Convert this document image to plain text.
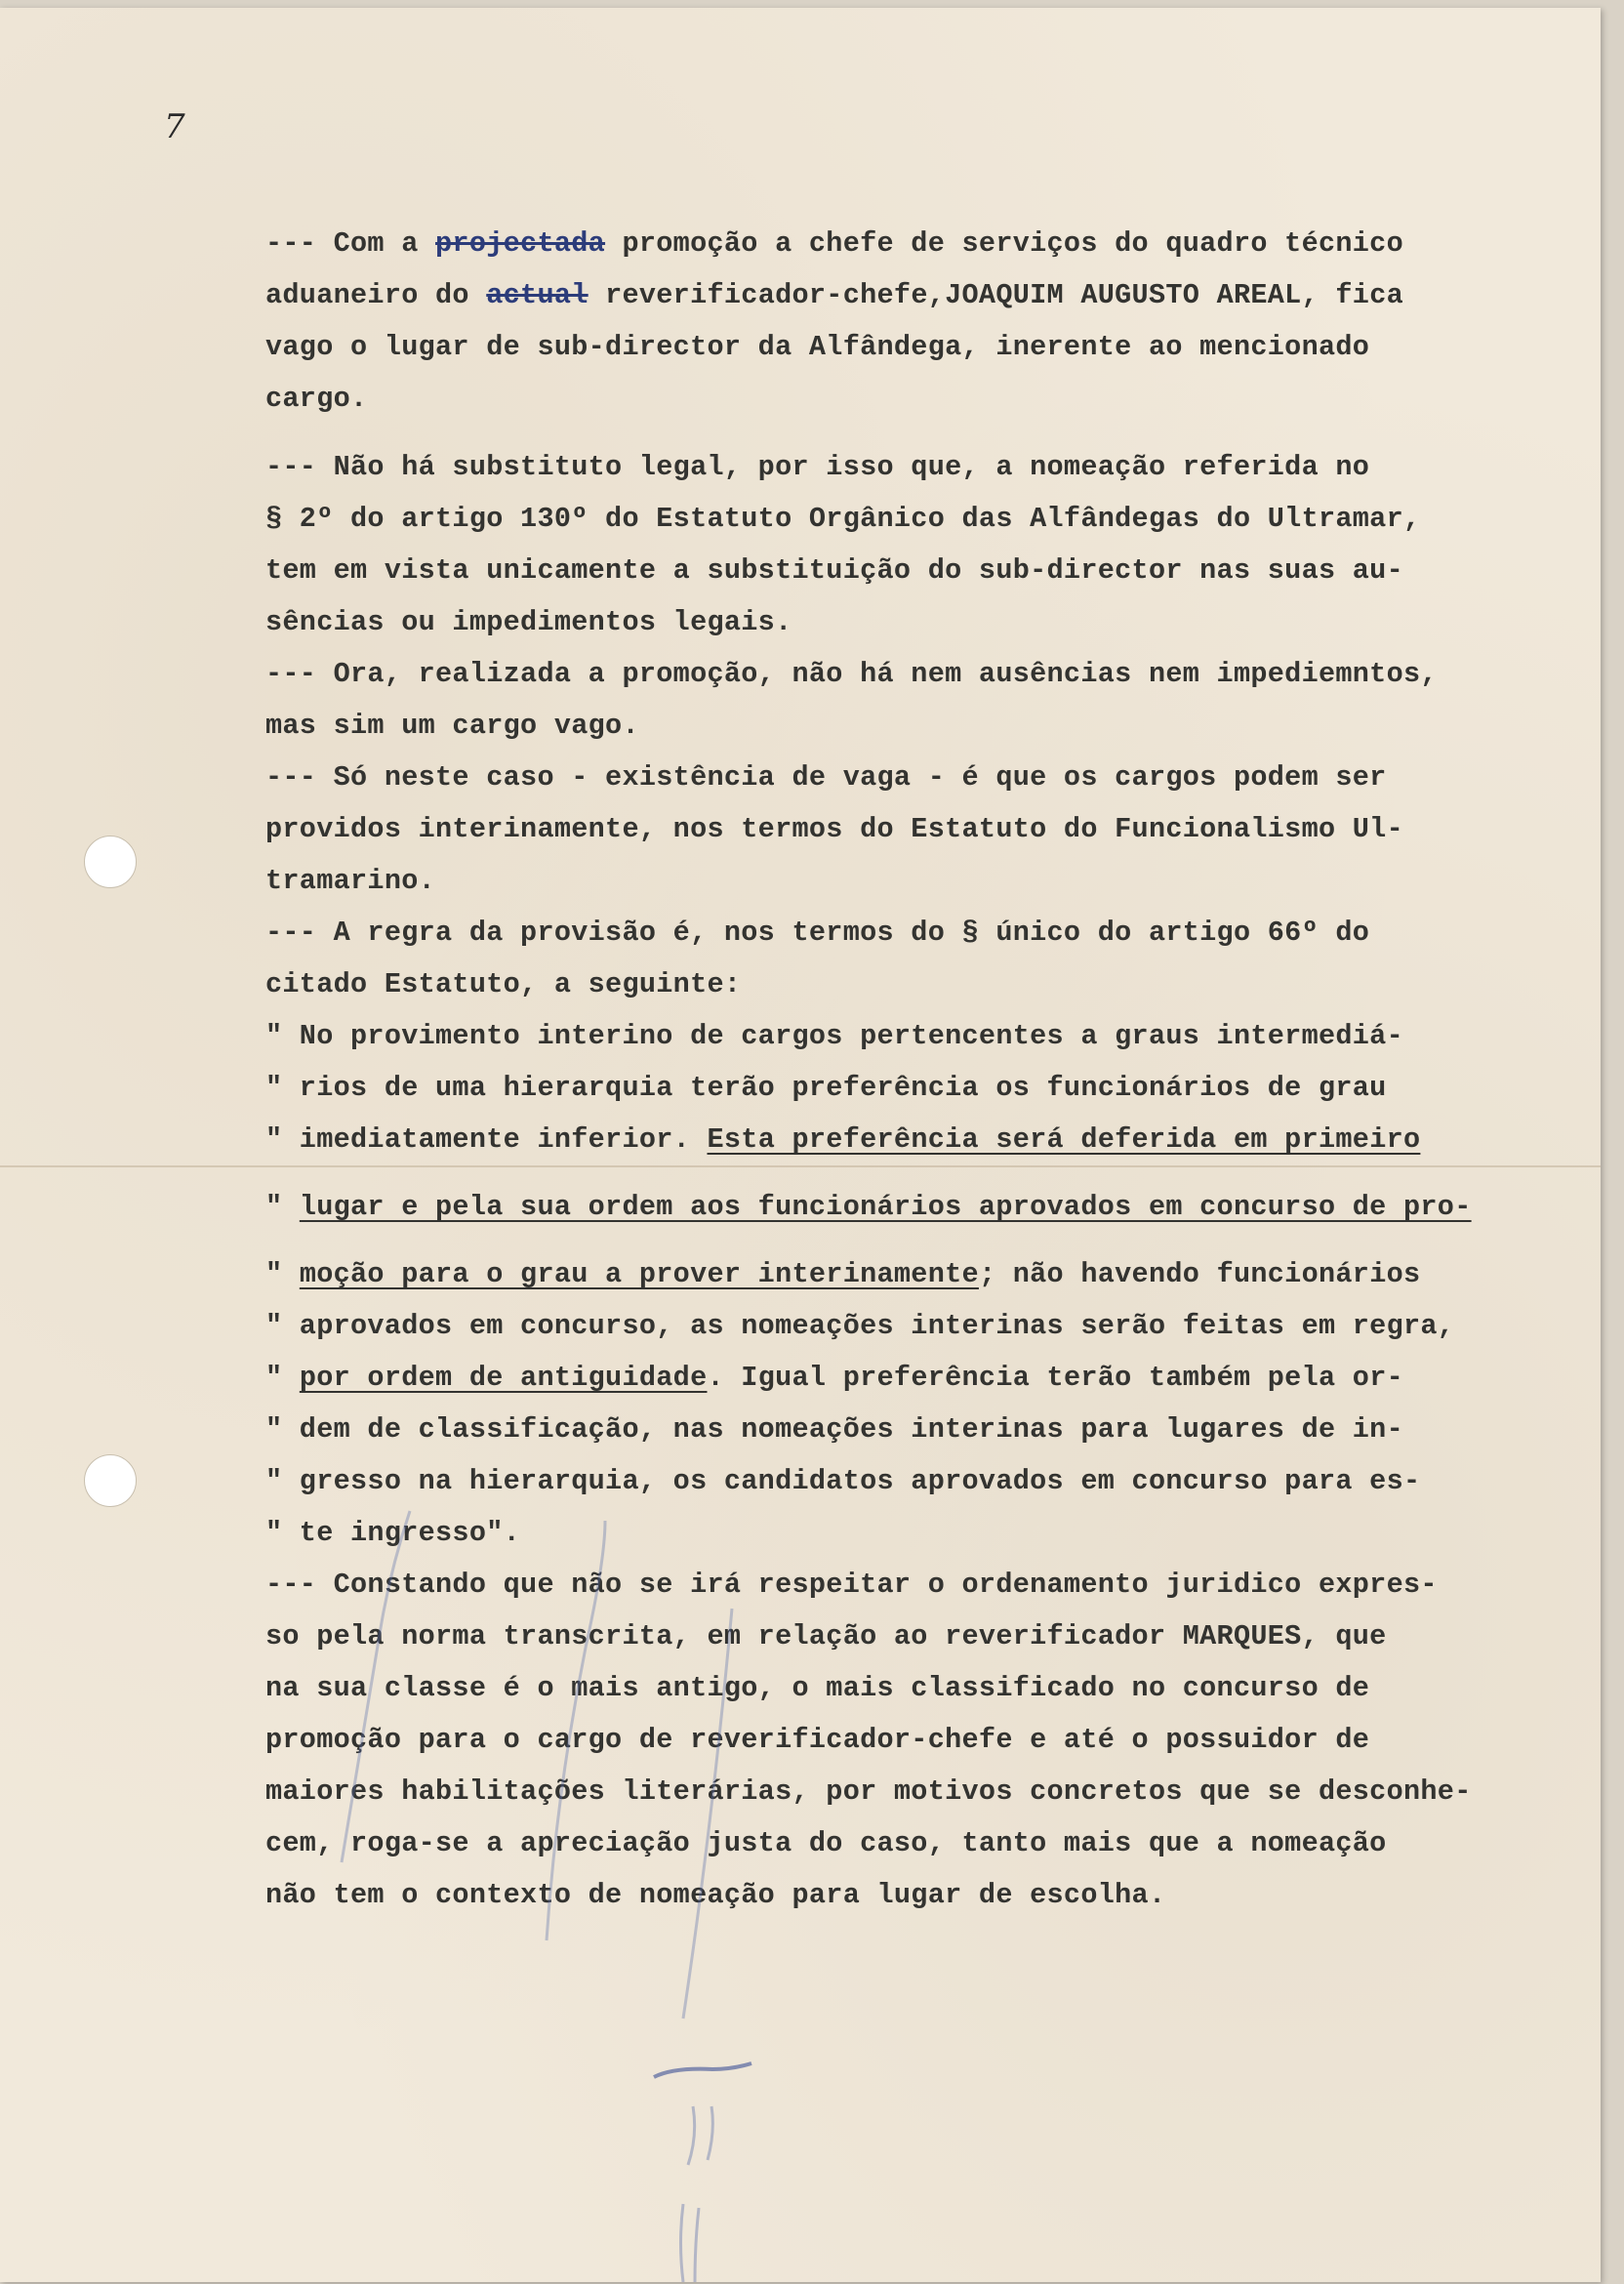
7
--- Com a projectada promoção a chefe de serviços do quadro técnico
aduaneiro do actual reverificador-chefe,JOAQUIM AUGUSTO AREAL, fica
vago o lugar de sub-director da Alfândega, inerente ao mencionado
cargo.
--- Não há substituto legal, por isso que, a nomeação referida no
§ 2º do artigo 130º do Estatuto Orgânico das Alfândegas do Ultramar,
tem em vista unicamente a substituição do sub-director nas suas au-
sências ou impedimentos legais.
--- Ora, realizada a promoção, não há nem ausências nem impediemntos,
mas sim um cargo vago.
--- Só neste caso - existência de vaga - é que os cargos podem ser
providos interinamente, nos termos do Estatuto do Funcionalismo Ul-
tramarino.
--- A regra da provisão é, nos termos do § único do artigo 66º do
citado Estatuto, a seguinte:
" No provimento interino de cargos pertencentes a graus intermediá-
" rios de uma hierarquia terão preferência os funcionários de grau
" imediatamente inferior. Esta preferência será deferida em primeiro
" lugar e pela sua ordem aos funcionários aprovados em concurso de pro-
" moção para o grau a prover interinamente; não havendo funcionários
" aprovados em concurso, as nomeações interinas serão feitas em regra,
" por ordem de antiguidade. Igual preferência terão também pela or-
" dem de classificação, nas nomeações interinas para lugares de in-
" gresso na hierarquia, os candidatos aprovados em concurso para es-
" te ingresso".
--- Constando que não se irá respeitar o ordenamento juridico expres-
so pela norma transcrita, em relação ao reverificador MARQUES, que
na sua classe é o mais antigo, o mais classificado no concurso de
promoção para o cargo de reverificador-chefe e até o possuidor de
maiores habilitações literárias, por motivos concretos que se desconhe-
cem, roga-se a apreciação justa do caso, tanto mais que a nomeação
não tem o contexto de nomeação para lugar de escolha.
